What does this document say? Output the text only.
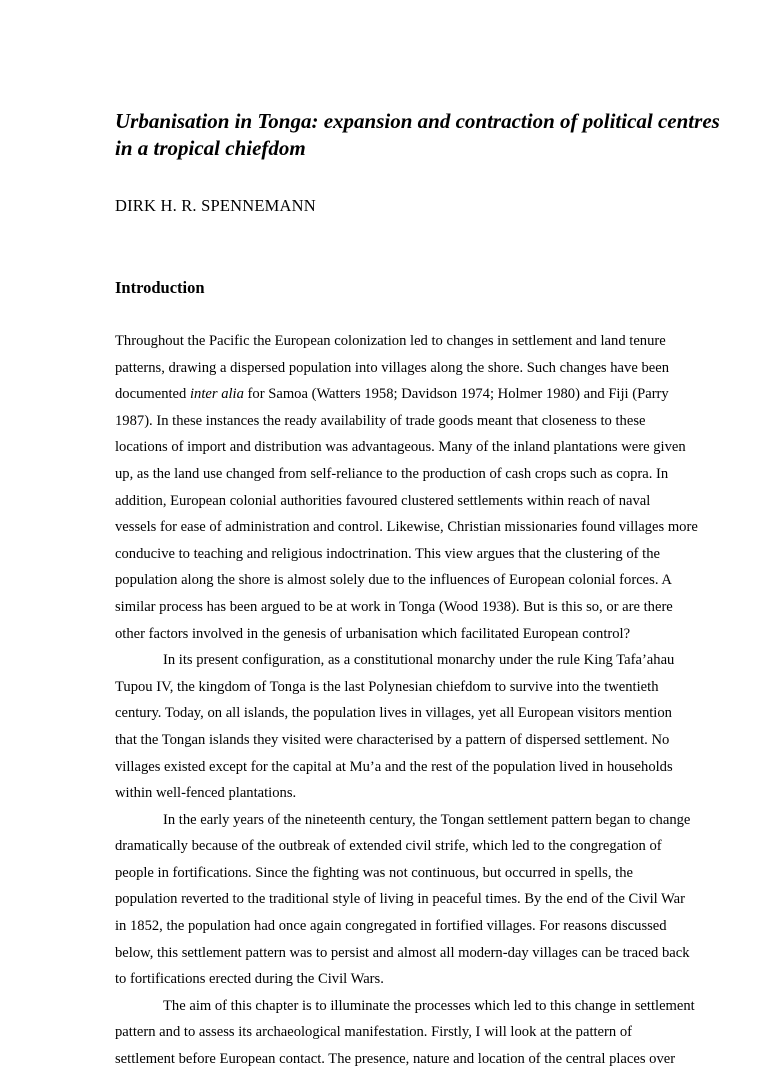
Urbanisation in Tonga: expansion and contraction of political centres
in a tropical chiefdom

DIRK H. R. SPENNEMANN

Introduction

Throughout the Pacific the European colonization led to changes in settlement and land tenure
patterns, drawing a dispersed population into villages along the shore. Such changes have been
documented inter alia for Samoa (Watters 1958; Davidson 1974; Holmer 1980) and Fiji (Parry
1987). In these instances the ready availability of trade goods meant that closeness to these
locations of import and distribution was advantageous. Many of the inland plantations were given
up, as the land use changed from self-reliance to the production of cash crops such as copra. In
addition, European colonial authorities favoured clustered settlements within reach of naval
vessels for ease of administration and control. Likewise, Christian missionaries found villages more
conducive to teaching and religious indoctrination. This view argues that the clustering of the
population along the shore is almost solely due to the influences of European colonial forces. A
similar process has been argued to be at work in Tonga (Wood 1938). But is this so, or are there
other factors involved in the genesis of urbanisation which facilitated European control?

In its present configuration, as a constitutional monarchy under the rule King Tafa’ahau
Tupou IV, the kingdom of Tonga is the last Polynesian chiefdom to survive into the twentieth
century. Today, on all islands, the population lives in villages, yet all European visitors mention
that the Tongan islands they visited were characterised by a pattern of dispersed settlement. No
villages existed except for the capital at Mu’a and the rest of the population lived in households
within well-fenced plantations.

In the early years of the nineteenth century, the Tongan settlement pattern began to change
dramatically because of the outbreak of extended civil strife, which led to the congregation of
people in fortifications. Since the fighting was not continuous, but occurred in spells, the
population reverted to the traditional style of living in peaceful times. By the end of the Civil War
in 1852, the population had once again congregated in fortified villages. For reasons discussed
below, this settlement pattern was to persist and almost all modern-day villages can be traced back
to fortifications erected during the Civil Wars.

The aim of this chapter is to illuminate the processes which led to this change in settlement
pattern and to assess its archaeological manifestation. Firstly, I will look at the pattern of
settlement before European contact. The presence, nature and location of the central places over
